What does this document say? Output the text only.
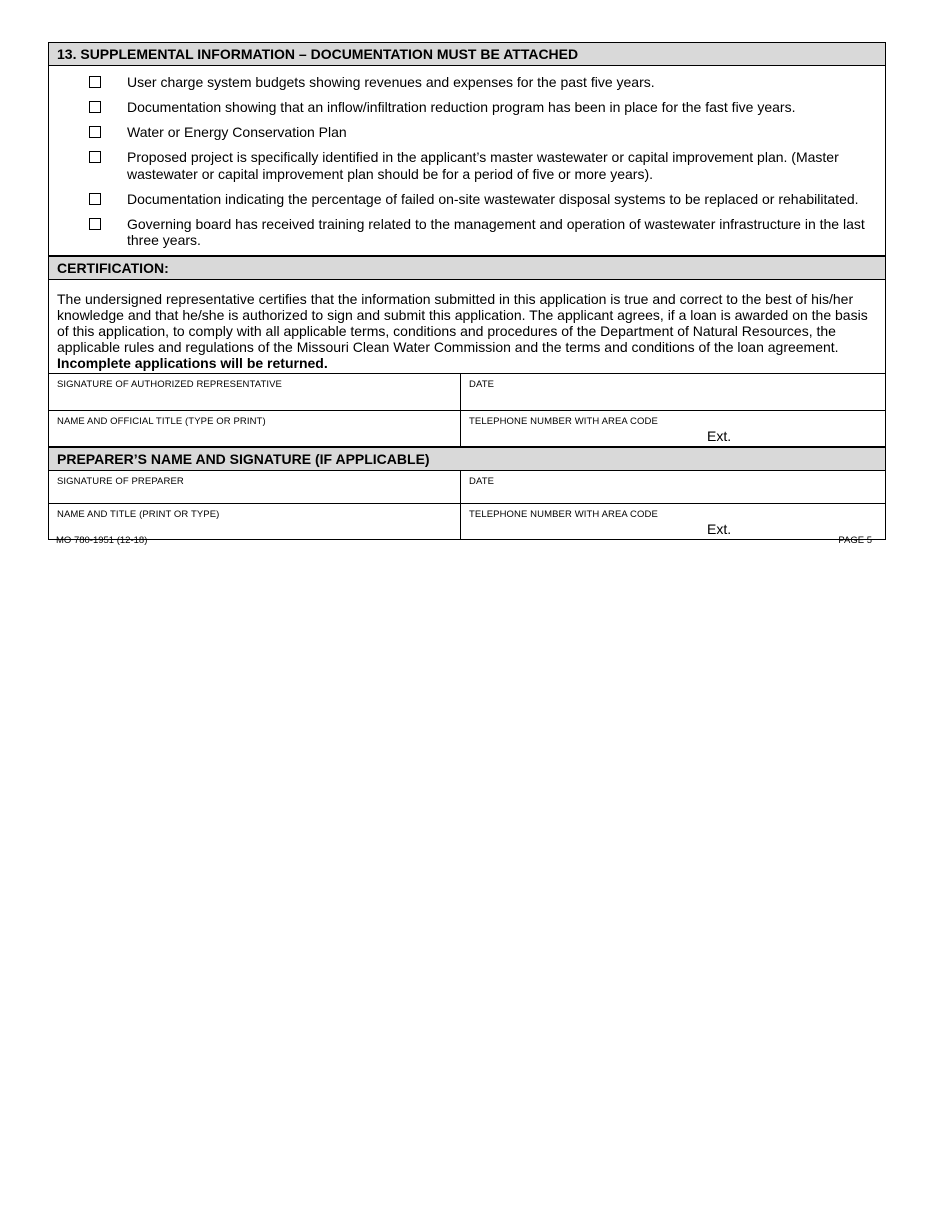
13. SUPPLEMENTAL INFORMATION – DOCUMENTATION MUST BE ATTACHED
User charge system budgets showing revenues and expenses for the past five years.
Documentation showing that an inflow/infiltration reduction program has been in place for the fast five years.
Water or Energy Conservation Plan
Proposed project is specifically identified in the applicant’s master wastewater or capital improvement plan. (Master wastewater or capital improvement plan should be for a period of five or more years).
Documentation indicating the percentage of failed on-site wastewater disposal systems to be replaced or rehabilitated.
Governing board has received training related to the management and operation of wastewater infrastructure in the last three years.
CERTIFICATION:
The undersigned representative certifies that the information submitted in this application is true and correct to the best of his/her knowledge and that he/she is authorized to sign and submit this application. The applicant agrees, if a loan is awarded on the basis of this application, to comply with all applicable terms, conditions and procedures of the Department of Natural Resources, the applicable rules and regulations of the Missouri Clean Water Commission and the terms and conditions of the loan agreement.
Incomplete applications will be returned.
SIGNATURE OF AUTHORIZED REPRESENTATIVE	DATE
NAME AND OFFICIAL TITLE (TYPE OR PRINT)	TELEPHONE NUMBER WITH AREA CODE
Ext.
PREPARER’S NAME AND SIGNATURE (IF APPLICABLE)
SIGNATURE OF PREPARER	DATE
NAME AND TITLE (PRINT OR TYPE)	TELEPHONE NUMBER WITH AREA CODE
Ext.
MO 780-1951 (12-18)	PAGE 5
